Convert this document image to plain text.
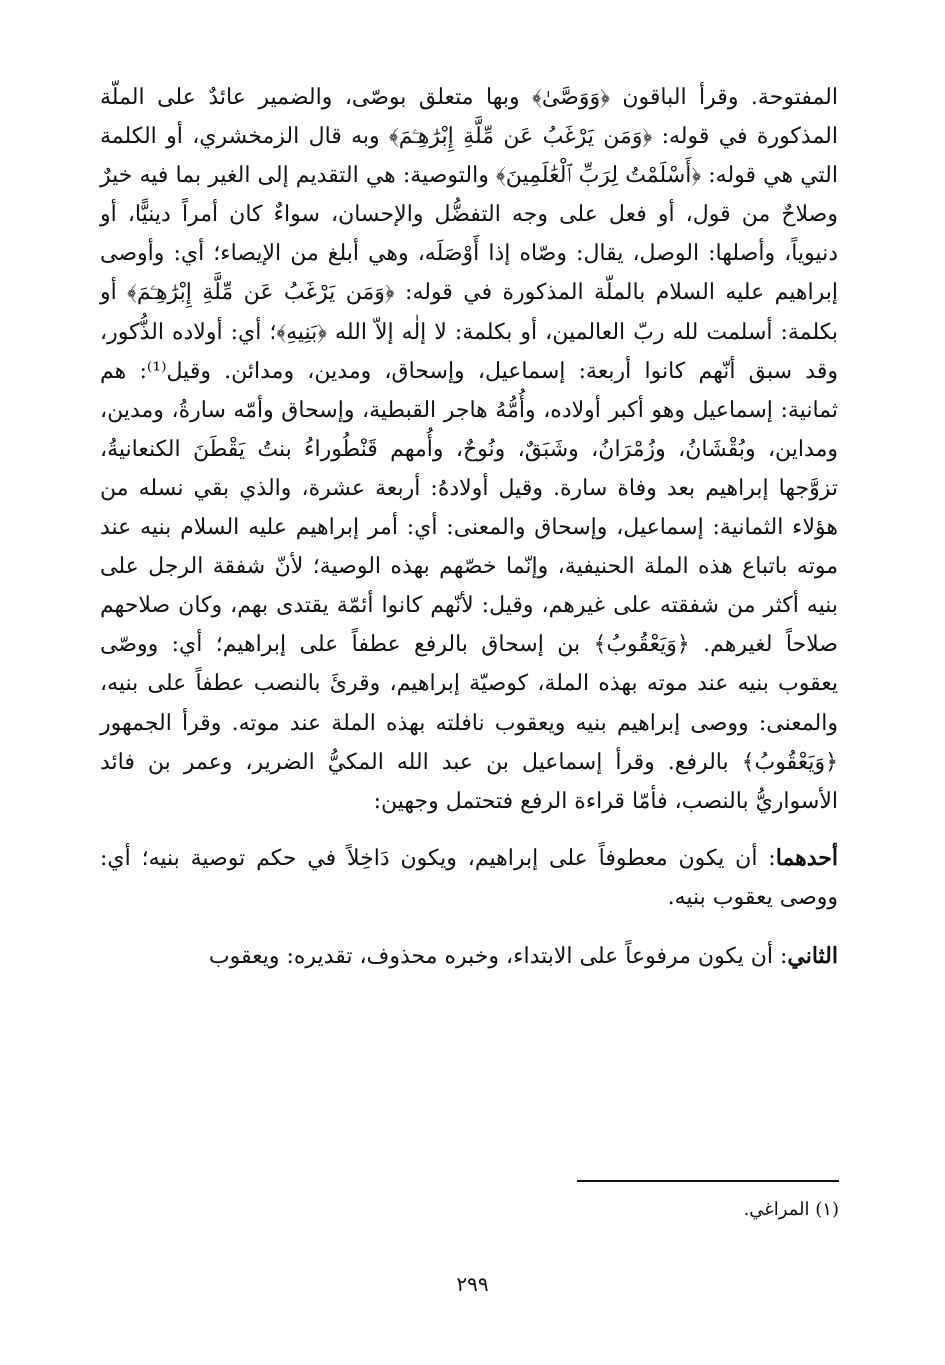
المفتوحة. وقرأ الباقون ﴿وَوَصَّىٰ﴾ وبها متعلق بوصّى، والضمير عائدٌ على الملّة المذكورة في قوله: ﴿وَمَن يَرْغَبُ عَن مِّلَّةِ إِبْرَٰهِـۧمَ﴾ وبه قال الزمخشري، أو الكلمة التي هي قوله: ﴿أَسْلَمْتُ لِرَبِّ ٱلْعَٰلَمِينَ﴾ والتوصية: هي التقديم إلى الغير بما فيه خيرٌ وصلاحٌ من قول، أو فعل على وجه التفضُّل والإحسان، سواءٌ كان أمراً دينيًّا، أو دنيوياً، وأصلها: الوصل، يقال: وصّاه إذا أَوْصَلَه، وهي أبلغ من الإيصاء؛ أي: وأوصى إبراهيم عليه السلام بالملّة المذكورة في قوله: ﴿وَمَن يَرْغَبُ عَن مِّلَّةِ إِبْرَٰهِـۧمَ﴾ أو بكلمة: أسلمت لله ربّ العالمين، أو بكلمة: لا إلٰه إلاّ الله ﴿بَنِيهِ﴾؛ أي: أولاده الذُّكور، وقد سبق أنّهم كانوا أربعة: إسماعيل، وإسحاق، ومدين، ومدائن. وقيل⁽¹⁾: هم ثمانية: إسماعيل وهو أكبر أولاده، وأُمُّهُ هاجر القبطية، وإسحاق وأمّه سارةُ، ومدين، ومداين، وبُقْشَانُ، وزُمْرَانُ، وشَبَقٌ، ونُوحٌ، وأُمهم قَنْطُوراءُ بنتُ يَقْطَنَ الكنعانيةُ، تزوَّجها إبراهيم بعد وفاة سارة. وقيل أولادهُ: أربعة عشرة، والذي بقي نسله من هؤلاء الثمانية: إسماعيل، وإسحاق والمعنى: أي: أمر إبراهيم عليه السلام بنيه عند موته باتباع هذه الملة الحنيفية، وإنّما خصّهم بهذه الوصية؛ لأنّ شفقة الرجل على بنيه أكثر من شفقته على غيرهم، وقيل: لأنّهم كانوا أئمّة يقتدى بهم، وكان صلاحهم صلاحاً لغيرهم. ﴿وَيَعْقُوبُ﴾ بن إسحاق بالرفع عطفاً على إبراهيم؛ أي: ووصّى يعقوب بنيه عند موته بهذه الملة، كوصيّة إبراهيم، وقرئَ بالنصب عطفاً على بنيه، والمعنى: ووصى إبراهيم بنيه ويعقوب نافلته بهذه الملة عند موته. وقرأ الجمهور ﴿وَيَعْقُوبُ﴾ بالرفع. وقرأ إسماعيل بن عبد الله المكيُّ الضرير، وعمر بن فائد الأسواريُّ بالنصب، فأمّا قراءة الرفع فتحتمل وجهين:

أحدهما: أن يكون معطوفاً على إبراهيم، ويكون دَاخِلاً في حكم توصية بنيه؛ أي: ووصى يعقوب بنيه.

الثاني: أن يكون مرفوعاً على الابتداء، وخبره محذوف، تقديره: ويعقوب

(١) المراغي.
٢٩٩
